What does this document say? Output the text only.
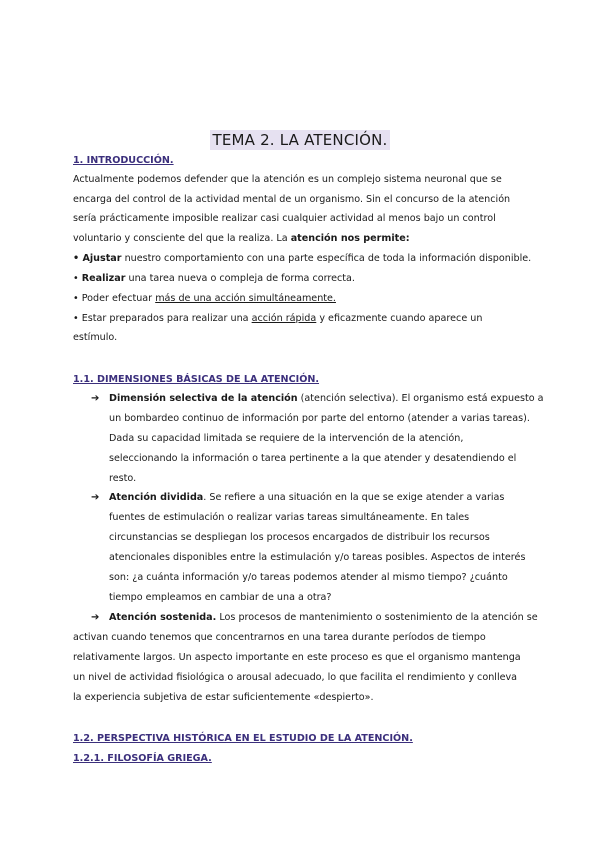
TEMA 2. LA ATENCIÓN.
1. INTRODUCCIÓN.
Actualmente podemos defender que la atención es un complejo sistema neuronal que se
encarga del control de la actividad mental de un organismo. Sin el concurso de la atención
sería prácticamente imposible realizar casi cualquier actividad al menos bajo un control
voluntario y consciente del que la realiza. La atención nos permite:
• Ajustar nuestro comportamiento con una parte específica de toda la información disponible.
• Realizar una tarea nueva o compleja de forma correcta.
• Poder efectuar más de una acción simultáneamente.
• Estar preparados para realizar una acción rápida y eficazmente cuando aparece un
estímulo.
1.1. DIMENSIONES BÁSICAS DE LA ATENCIÓN.
➔ Dimensión selectiva de la atención (atención selectiva). El organismo está expuesto a
un bombardeo continuo de información por parte del entorno (atender a varias tareas).
Dada su capacidad limitada se requiere de la intervención de la atención,
seleccionando la información o tarea pertinente a la que atender y desatendiendo el
resto.
➔ Atención dividida. Se refiere a una situación en la que se exige atender a varias
fuentes de estimulación o realizar varias tareas simultáneamente. En tales
circunstancias se despliegan los procesos encargados de distribuir los recursos
atencionales disponibles entre la estimulación y/o tareas posibles. Aspectos de interés
son: ¿a cuánta información y/o tareas podemos atender al mismo tiempo? ¿cuánto
tiempo empleamos en cambiar de una a otra?
➔ Atención sostenida. Los procesos de mantenimiento o sostenimiento de la atención se
activan cuando tenemos que concentrarnos en una tarea durante períodos de tiempo
relativamente largos. Un aspecto importante en este proceso es que el organismo mantenga
un nivel de actividad fisiológica o arousal adecuado, lo que facilita el rendimiento y conlleva
la experiencia subjetiva de estar suficientemente «despierto».
1.2. PERSPECTIVA HISTÓRICA EN EL ESTUDIO DE LA ATENCIÓN.
1.2.1. FILOSOFÍA GRIEGA.
